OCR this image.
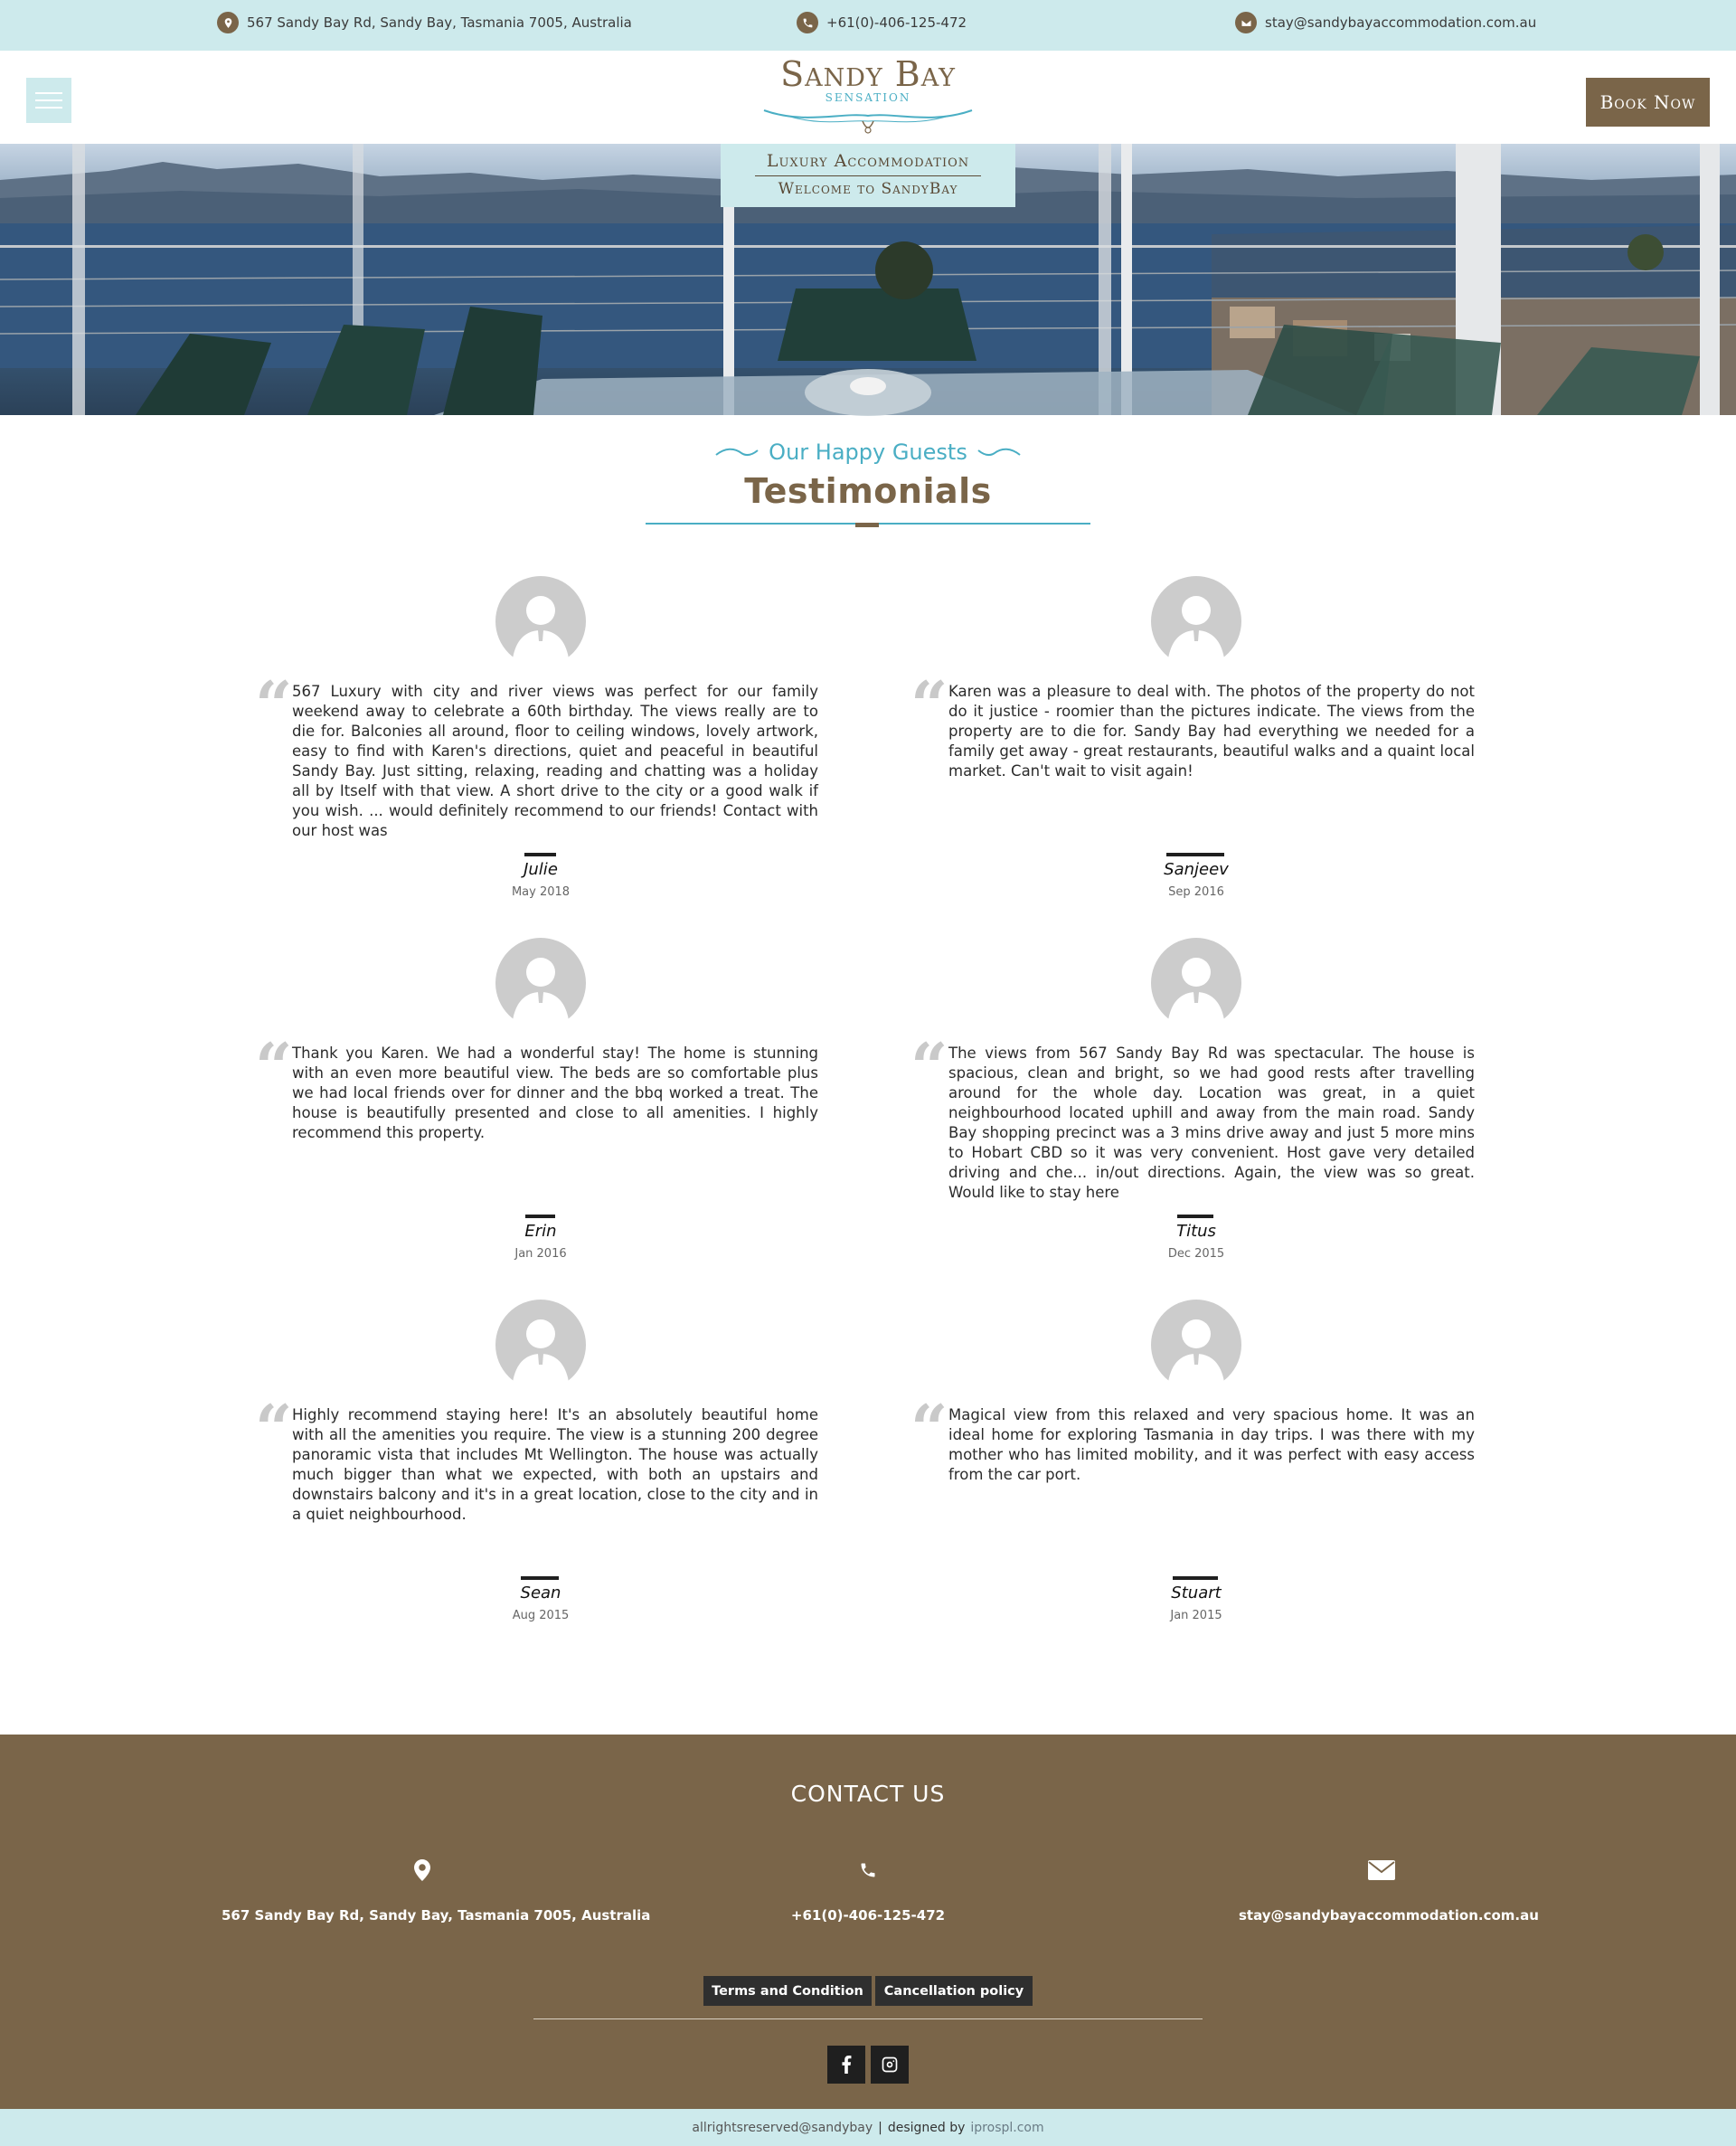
567 Sandy Bay Rd, Sandy Bay, Tasmania 7005, Australia	+61(0)-406-125-472	stay@sandybayaccommodation.com.au
Sandy Bay
SENSATION	Book Now
Luxury Accommodation
Welcome to SandyBay
Our Happy Guests
Testimonials
“ 567 Luxury with city and river views was perfect for our family weekend away to celebrate a 60th birthday. The views really are to die for. Balconies all around, floor to ceiling windows, lovely artwork, easy to find with Karen's directions, quiet and peaceful in beautiful Sandy Bay. Just sitting, relaxing, reading and chatting was a holiday all by Itself with that view. A short drive to the city or a good walk if you wish. ... would definitely recommend to our friends! Contact with our host was
Julie
May 2018
“ Karen was a pleasure to deal with. The photos of the property do not do it justice - roomier than the pictures indicate. The views from the property are to die for. Sandy Bay had everything we needed for a family get away - great restaurants, beautiful walks and a quaint local market. Can't wait to visit again!
Sanjeev
Sep 2016
“ Thank you Karen. We had a wonderful stay! The home is stunning with an even more beautiful view. The beds are so comfortable plus we had local friends over for dinner and the bbq worked a treat. The house is beautifully presented and close to all amenities. I highly recommend this property.
Erin
Jan 2016
“ The views from 567 Sandy Bay Rd was spectacular. The house is spacious, clean and bright, so we had good rests after travelling around for the whole day. Location was great, in a quiet neighbourhood located uphill and away from the main road. Sandy Bay shopping precinct was a 3 mins drive away and just 5 more mins to Hobart CBD so it was very convenient. Host gave very detailed driving and che... in/out directions. Again, the view was so great. Would like to stay here
Titus
Dec 2015
“ Highly recommend staying here! It's an absolutely beautiful home with all the amenities you require. The view is a stunning 200 degree panoramic vista that includes Mt Wellington. The house was actually much bigger than what we expected, with both an upstairs and downstairs balcony and it's in a great location, close to the city and in a quiet neighbourhood.
Sean
Aug 2015
“ Magical view from this relaxed and very spacious home. It was an ideal home for exploring Tasmania in day trips. I was there with my mother who has limited mobility, and it was perfect with easy access from the car port.
Stuart
Jan 2015
CONTACT US
567 Sandy Bay Rd, Sandy Bay, Tasmania 7005, Australia	+61(0)-406-125-472	stay@sandybayaccommodation.com.au
Terms and Condition	Cancellation policy
allrightsreserved@sandybay | designed by iprospl.com
